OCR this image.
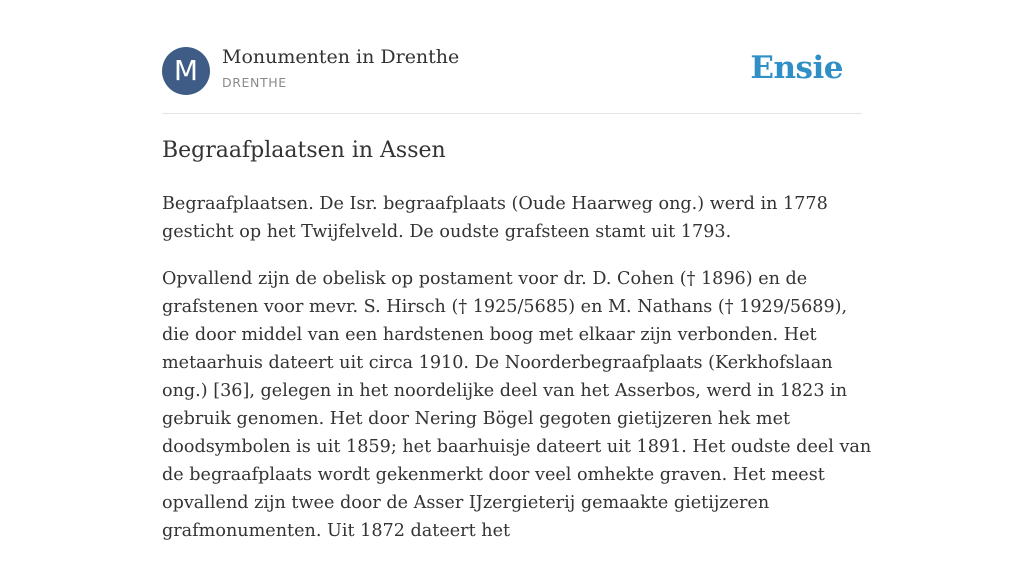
M	Monumenten in Drenthe
DRENTHE	Ensie
Begraafplaatsen in Assen

Begraafplaatsen. De Isr. begraafplaats (Oude Haarweg ong.) werd in 1778 gesticht op het Twijfelveld. De oudste grafsteen stamt uit 1793.

Opvallend zijn de obelisk op postament voor dr. D. Cohen († 1896) en de grafstenen voor mevr. S. Hirsch († 1925/5685) en M. Nathans († 1929/5689), die door middel van een hardstenen boog met elkaar zijn verbonden. Het metaarhuis dateert uit circa 1910. De Noorderbegraafplaats (Kerkhofslaan ong.) [36], gelegen in het noordelijke deel van het Asserbos, werd in 1823 in gebruik genomen. Het door Nering Bögel gegoten gietijzeren hek met doodsymbolen is uit 1859; het baarhuisje dateert uit 1891. Het oudste deel van de begraafplaats wordt gekenmerkt door veel omhekte graven. Het meest opvallend zijn twee door de Asser IJzergieterij gemaakte gietijzeren grafmonumenten. Uit 1872 dateert het
